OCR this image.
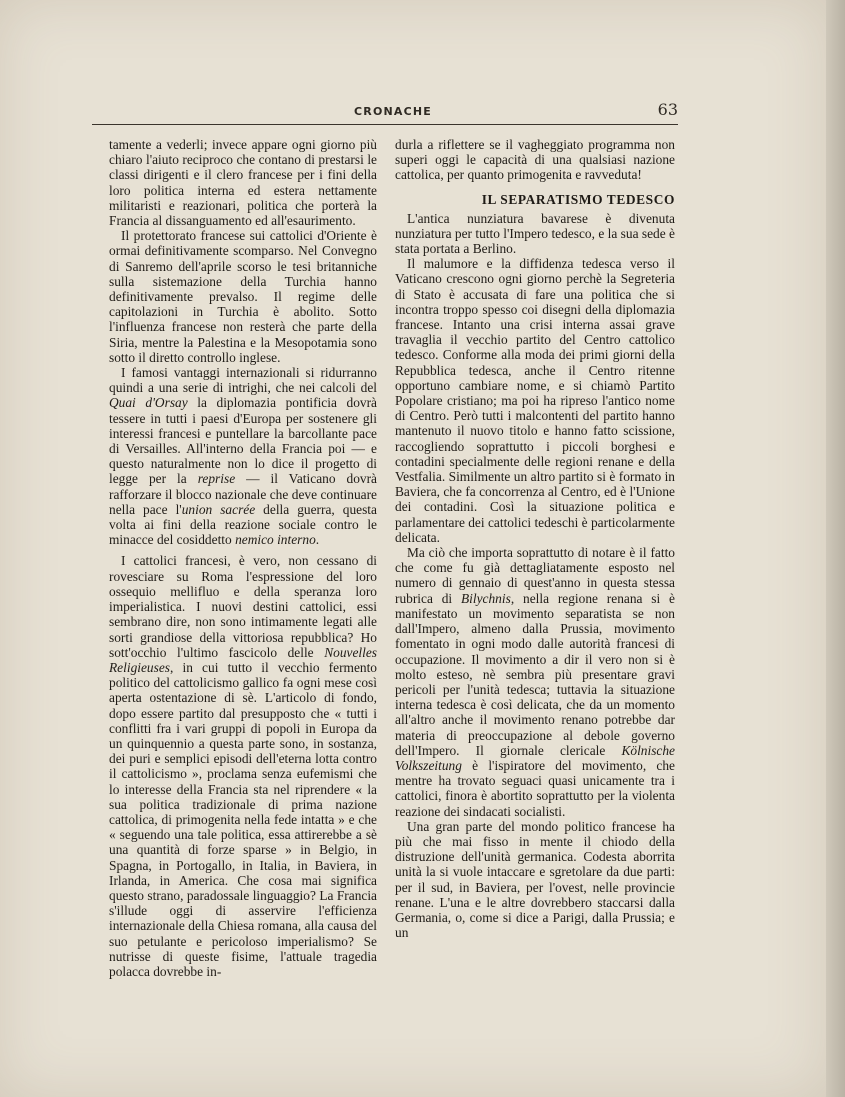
CRONACHE	63

tamente a vederli; invece appare ogni giorno più chiaro l'aiuto reciproco che contano di prestarsi le classi dirigenti e il clero francese per i fini della loro politica interna ed estera nettamente militaristi e reazionari, politica che porterà la Francia al dissanguamento ed all'esaurimento.

Il protettorato francese sui cattolici d'Oriente è ormai definitivamente scomparso. Nel Convegno di Sanremo dell'aprile scorso le tesi britanniche sulla sistemazione della Turchia hanno definitivamente prevalso. Il regime delle capitolazioni in Turchia è abolito. Sotto l'influenza francese non resterà che parte della Siria, mentre la Palestina e la Mesopotamia sono sotto il diretto controllo inglese.

I famosi vantaggi internazionali si ridurranno quindi a una serie di intrighi, che nei calcoli del Quai d'Orsay la diplomazia pontificia dovrà tessere in tutti i paesi d'Europa per sostenere gli interessi francesi e puntellare la barcollante pace di Versailles. All'interno della Francia poi — e questo naturalmente non lo dice il progetto di legge per la reprise — il Vaticano dovrà rafforzare il blocco nazionale che deve continuare nella pace l'union sacrée della guerra, questa volta ai fini della reazione sociale contro le minacce del cosiddetto nemico interno.

I cattolici francesi, è vero, non cessano di rovesciare su Roma l'espressione del loro ossequio mellifluo e della speranza loro imperialistica. I nuovi destini cattolici, essi sembrano dire, non sono intimamente legati alle sorti grandiose della vittoriosa repubblica? Ho sott'occhio l'ultimo fascicolo delle Nouvelles Religieuses, in cui tutto il vecchio fermento politico del cattolicismo gallico fa ogni mese così aperta ostentazione di sè. L'articolo di fondo, dopo essere partito dal presupposto che « tutti i conflitti fra i vari gruppi di popoli in Europa da un quinquennio a questa parte sono, in sostanza, dei puri e semplici episodi dell'eterna lotta contro il cattolicismo », proclama senza eufemismi che lo interesse della Francia sta nel riprendere « la sua politica tradizionale di prima nazione cattolica, di primogenita nella fede intatta » e che « seguendo una tale politica, essa attirerebbe a sè una quantità di forze sparse » in Belgio, in Spagna, in Portogallo, in Italia, in Baviera, in Irlanda, in America. Che cosa mai significa questo strano, paradossale linguaggio? La Francia s'illude oggi di asservire l'efficienza internazionale della Chiesa romana, alla causa del suo petulante e pericoloso imperialismo? Se nutrisse di queste fisime, l'attuale tragedia polacca dovrebbe in-

durla a riflettere se il vagheggiato programma non superi oggi le capacità di una qualsiasi nazione cattolica, per quanto primogenita e ravveduta!

IL SEPARATISMO TEDESCO

L'antica nunziatura bavarese è divenuta nunziatura per tutto l'Impero tedesco, e la sua sede è stata portata a Berlino.

Il malumore e la diffidenza tedesca verso il Vaticano crescono ogni giorno perchè la Segreteria di Stato è accusata di fare una politica che si incontra troppo spesso coi disegni della diplomazia francese. Intanto una crisi interna assai grave travaglia il vecchio partito del Centro cattolico tedesco. Conforme alla moda dei primi giorni della Repubblica tedesca, anche il Centro ritenne opportuno cambiare nome, e si chiamò Partito Popolare cristiano; ma poi ha ripreso l'antico nome di Centro. Però tutti i malcontenti del partito hanno mantenuto il nuovo titolo e hanno fatto scissione, raccogliendo soprattutto i piccoli borghesi e contadini specialmente delle regioni renane e della Vestfalia. Similmente un altro partito si è formato in Baviera, che fa concorrenza al Centro, ed è l'Unione dei contadini. Così la situazione politica e parlamentare dei cattolici tedeschi è particolarmente delicata.

Ma ciò che importa soprattutto di notare è il fatto che come fu già dettagliatamente esposto nel numero di gennaio di quest'anno in questa stessa rubrica di Bilychnis, nella regione renana si è manifestato un movimento separatista se non dall'Impero, almeno dalla Prussia, movimento fomentato in ogni modo dalle autorità francesi di occupazione. Il movimento a dir il vero non si è molto esteso, nè sembra più presentare gravi pericoli per l'unità tedesca; tuttavia la situazione interna tedesca è così delicata, che da un momento all'altro anche il movimento renano potrebbe dar materia di preoccupazione al debole governo dell'Impero. Il giornale clericale Kölnische Volkszeitung è l'ispiratore del movimento, che mentre ha trovato seguaci quasi unicamente tra i cattolici, finora è abortito soprattutto per la violenta reazione dei sindacati socialisti.

Una gran parte del mondo politico francese ha più che mai fisso in mente il chiodo della distruzione dell'unità germanica. Codesta aborrita unità la si vuole intaccare e sgretolare da due parti: per il sud, in Baviera, per l'ovest, nelle provincie renane. L'una e le altre dovrebbero staccarsi dalla Germania, o, come si dice a Parigi, dalla Prussia; e un
